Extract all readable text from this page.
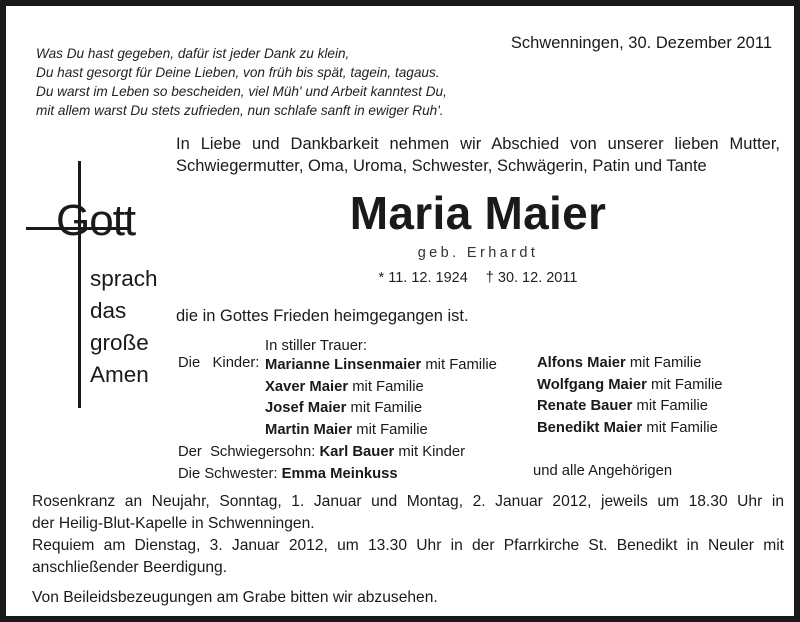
Schwenningen, 30. Dezember 2011
Was Du hast gegeben, dafür ist jeder Dank zu klein,
Du hast gesorgt für Deine Lieben, von früh bis spät, tagein, tagaus.
Du warst im Leben so bescheiden, viel Müh' und Arbeit kanntest Du,
mit allem warst Du stets zufrieden, nun schlafe sanft in ewiger Ruh'.
In Liebe und Dankbarkeit nehmen wir Abschied von unserer lieben Mutter,
Schwiegermutter, Oma, Uroma, Schwester, Schwägerin, Patin und Tante
Maria Maier
geb. Erhardt
* 11. 12. 1924 † 30. 12. 2011
Gott
sprach
das
große
Amen
die in Gottes Frieden heimgegangen ist.
In stiller Trauer:
Die   Kinder: Marianne Linsenmaier mit Familie
Xaver Maier mit Familie
Josef Maier mit Familie
Martin Maier mit Familie
Alfons Maier mit Familie
Wolfgang Maier mit Familie
Renate Bauer mit Familie
Benedikt Maier mit Familie
Der  Schwiegersohn: Karl Bauer mit Kinder
Die Schwester: Emma Meinkuss	und alle Angehörigen
Rosenkranz an Neujahr, Sonntag, 1. Januar und Montag, 2. Januar 2012, jeweils um 18.30 Uhr in
der Heilig-Blut-Kapelle in Schwenningen.
Requiem am Dienstag, 3. Januar 2012, um 13.30 Uhr in der Pfarrkirche St. Benedikt in Neuler mit
anschließender Beerdigung.
Von Beileidsbezeugungen am Grabe bitten wir abzusehen.
